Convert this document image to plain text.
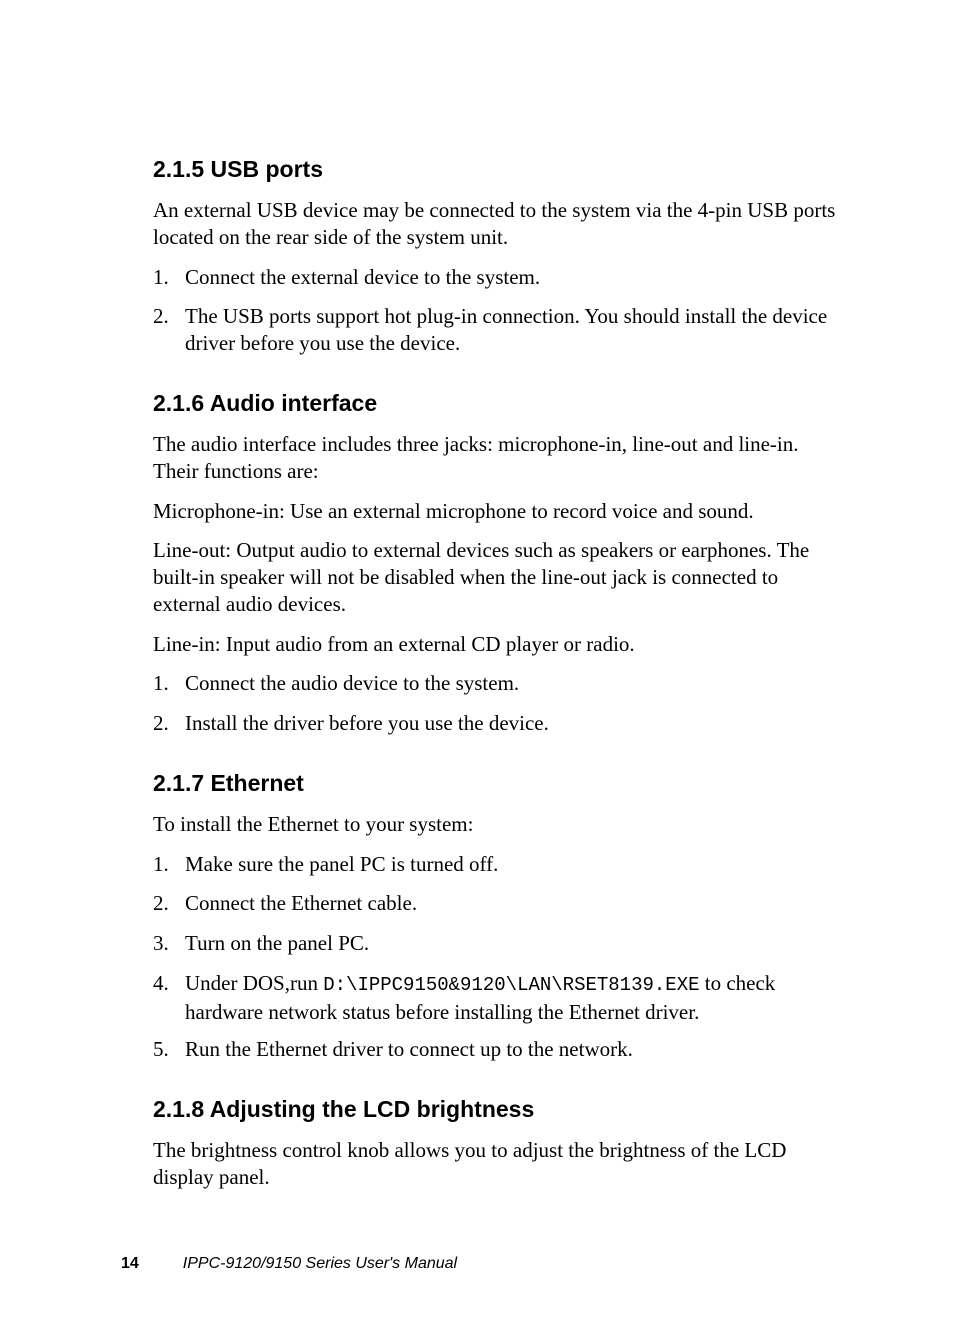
2.1.5 USB ports

An external USB device may be connected to the system via the 4-pin USB ports located on the rear side of the system unit.

1. Connect the external device to the system.
2. The USB ports support hot plug-in connection. You should install the device driver before you use the device.
2.1.6 Audio interface

The audio interface includes three jacks: microphone-in, line-out and line-in. Their functions are:

Microphone-in: Use an external microphone to record voice and sound.

Line-out: Output audio to external devices such as speakers or earphones. The built-in speaker will not be disabled when the line-out jack is connected to external audio devices.

Line-in: Input audio from an external CD player or radio.

1. Connect the audio device to the system.
2. Install the driver before you use the device.
2.1.7 Ethernet

To install the Ethernet to your system:

1. Make sure the panel PC is turned off.
2. Connect the Ethernet cable.
3. Turn on the panel PC.
4. Under DOS,run D:\IPPC9150&9120\LAN\RSET8139.EXE to check hardware network status before installing the Ethernet driver.
5. Run the Ethernet driver to connect up to the network.
2.1.8 Adjusting the LCD brightness

The brightness control knob allows you to adjust the brightness of the LCD display panel.

14	IPPC-9120/9150 Series User's Manual
